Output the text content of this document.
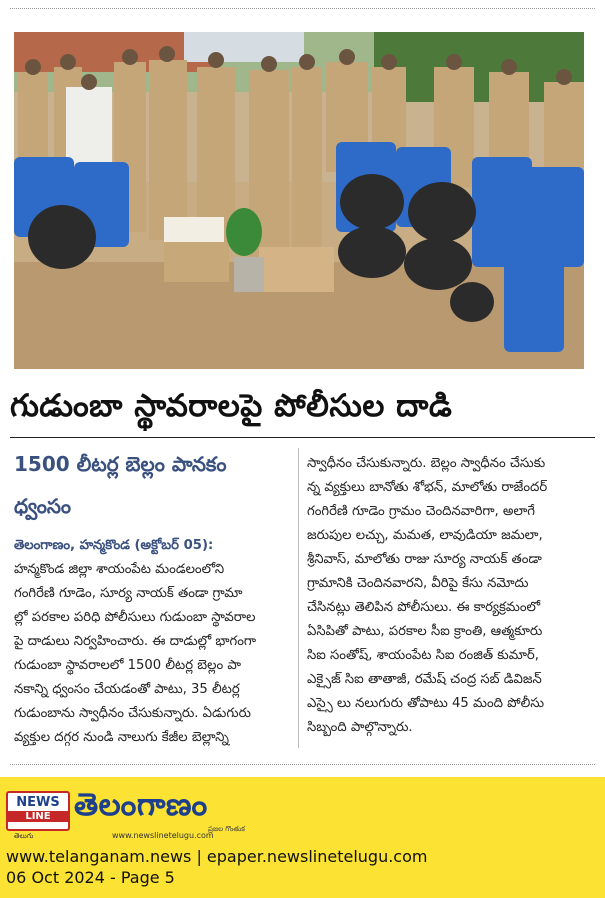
గుడుంబా స్థావరాలపై పోలీసుల దాడి
1500 లీటర్ల బెల్లం పానకం
ధ్వంసం
తెలంగాణం, హన్మకొండ (అక్టోబర్ 05):
హన్మకొండ జిల్లా శాయంపేట మండలంలోని
గంగిరేణి గూడెం, సూర్య నాయక్ తండా గ్రామా
ల్లో పరకాల పరిధి పోలీసులు గుడుంబా స్థావరాల
పై దాడులు నిర్వహించారు. ఈ దాడుల్లో భాగంగా
గుడుంబా స్థావరాలలో 1500 లీటర్ల బెల్లం పా
నకాన్ని ధ్వంసం చేయడంతో పాటు, 35 లీటర్ల
గుడుంబాను స్వాధీనం చేసుకున్నారు. ఏడుగురు
వ్యక్తుల దగ్గర నుండి నాలుగు కేజీల బెల్లాన్ని
స్వాధీనం చేసుకున్నారు. బెల్లం స్వాధీనం చేసుకు
న్న వ్యక్తులు బానోతు శోభన్, మాలోతు రాజేందర్
గంగిరేణి గూడెం గ్రామం చెందినవారిగా, అలాగే
జరుపుల లచ్చు, మమత, లావుడియా జమలా,
శ్రీనివాస్, మాలోతు రాజు సూర్య నాయక్ తండా
గ్రామానికి చెందినవారని, వీరిపై కేసు నమోదు
చేసినట్లు తెలిపిన పోలీసులు. ఈ కార్యక్రమంలో
ఏసిపితో పాటు, పరకాల సీఐ క్రాంతి, ఆత్మకూరు
సిఐ సంతోష్, శాయంపేట సిఐ రంజిత్ కుమార్,
ఎక్సైజ్ సిఐ తాతాజీ, రమేష్ చంద్ర సబ్ డివిజన్
ఎస్సై లు నలుగురు తోపాటు 45 మంది పోలీసు
సిబ్బంది పాల్గొన్నారు.
NEWS
LINE
తెలుగు
తెలంగాణం
www.newslinetelugu.com
ప్రజల గొంతుక
www.telanganam.news | epaper.newslinetelugu.com
06 Oct 2024 - Page 5
